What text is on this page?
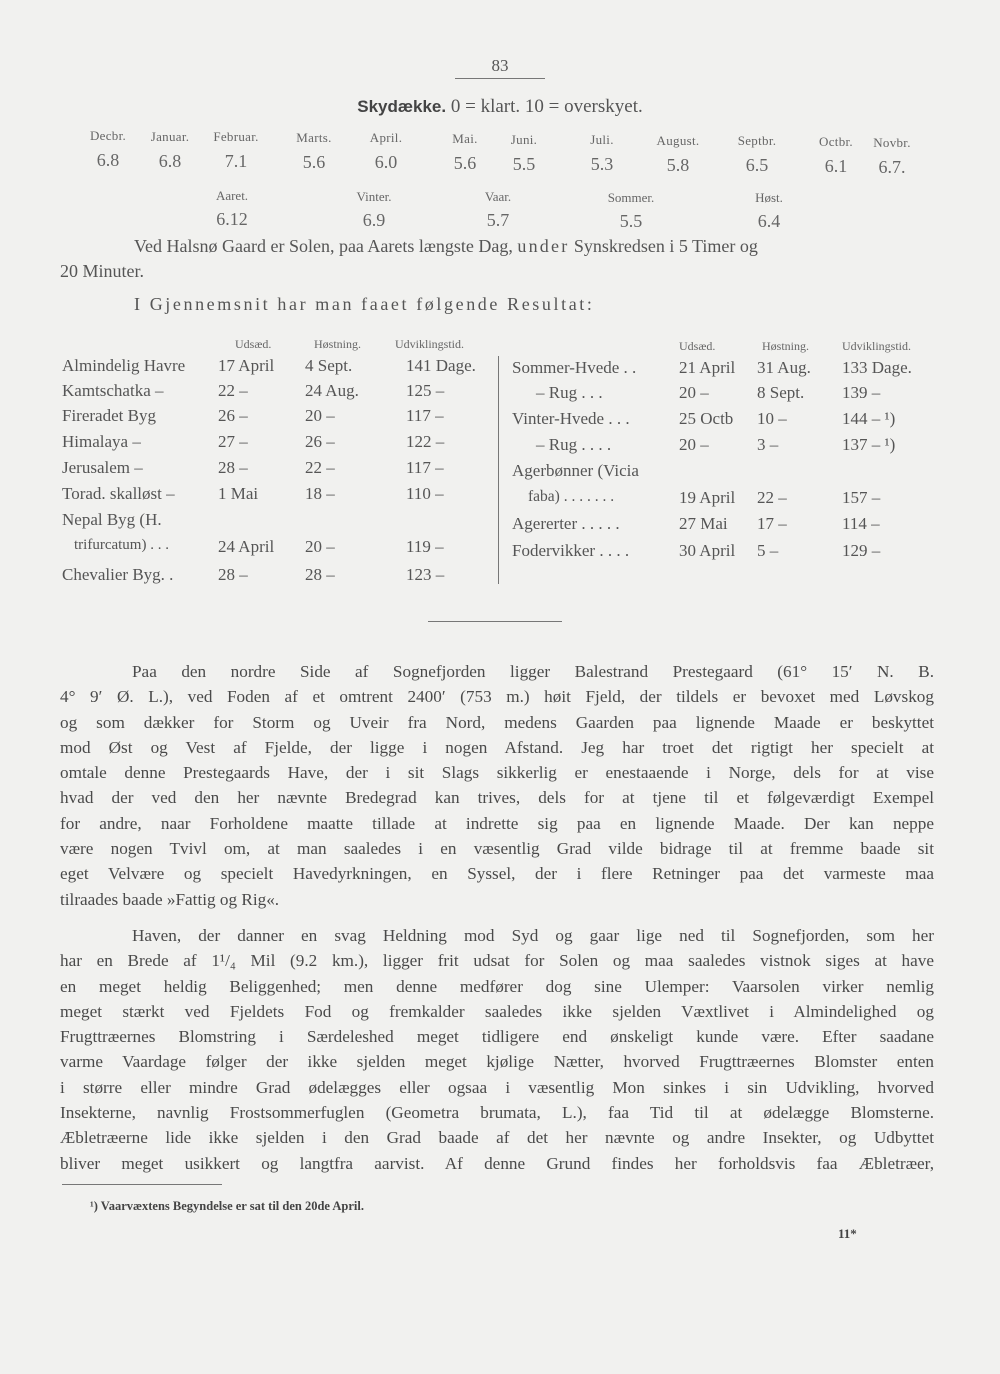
83
Skydække. 0 = klart. 10 = overskyet.
Decbr.
6.8
Januar.
6.8
Februar.
7.1
Marts.
5.6
April.
6.0
Mai.
5.6
Juni.
5.5
Juli.
5.3
August.
5.8
Septbr.
6.5
Octbr.
6.1
Novbr.
6.7.
Aaret.
6.12
Vinter.
6.9
Vaar.
5.7
Sommer.
5.5
Høst.
6.4
Ved Halsnø Gaard er Solen, paa Aarets længste Dag, under Synskredsen i 5 Timer og
20 Minuter.
I Gjennemsnit har man faaet følgende Resultat:
Udsæd.	Høstning.	Udviklingstid.	Udsæd.	Høstning.	Udviklingstid.
Almindelig Havre 17 April 4 Sept.	141 Dage.
Kamtschatka –	22 –	24 Aug.	125 –
Fireradet Byg	26 –	20 –	117 –
Himalaya –	27 –	26 –	122 –
Jerusalem –	28 –	22 –	117 –
Torad. skalløst –	1 Mai	18 –	110 –
Nepal Byg (H.
trifurcatum) . . .	24 April 20 –	119 –
Chevalier Byg. .	28 –	28 –	123 –
Sommer-Hvede . .	21 April 31 Aug. 133 Dage.
– Rug . . .	20 –	8 Sept. 139 –
Vinter-Hvede . . .	25 Octb 10 –	144 – ¹)
– Rug . . . .	20 –	3 –	137 – ¹)
Agerbønner (Vicia
faba) . . . . . . .	19 April 22 –	157 –
Agererter . . . . .	27 Mai 17 –	114 –
Fodervikker . . . .	30 April 5 –	129 –

Paa den nordre Side af Sognefjorden ligger Balestrand Prestegaard (61° 15′ N. B.

4° 9′ Ø. L.), ved Foden af et omtrent 2400′ (753 m.) høit Fjeld, der tildels er bevoxet med Løvskog

og som dækker for Storm og Uveir fra Nord, medens Gaarden paa lignende Maade er beskyttet

mod Øst og Vest af Fjelde, der ligge i nogen Afstand. Jeg har troet det rigtigt her specielt at

omtale denne Prestegaards Have, der i sit Slags sikkerlig er enestaaende i Norge, dels for at vise

hvad der ved den her nævnte Bredegrad kan trives, dels for at tjene til et følgeværdigt Exempel

for andre, naar Forholdene maatte tillade at indrette sig paa en lignende Maade. Der kan neppe

være nogen Tvivl om, at man saaledes i en væsentlig Grad vilde bidrage til at fremme baade sit

eget Velvære og specielt Havedyrkningen, en Syssel, der i flere Retninger paa det varmeste maa

tilraades baade »Fattig og Rig«.

Haven, der danner en svag Heldning mod Syd og gaar lige ned til Sognefjorden, som her

har en Brede af 1¹/₄ Mil (9.2 km.), ligger frit udsat for Solen og maa saaledes vistnok siges at have

en meget heldig Beliggenhed; men denne medfører dog sine Ulemper: Vaarsolen virker nemlig

meget stærkt ved Fjeldets Fod og fremkalder saaledes ikke sjelden Væxtlivet i Almindelighed og

Frugttræernes Blomstring i Særdeleshed meget tidligere end ønskeligt kunde være. Efter saadane

varme Vaardage følger der ikke sjelden meget kjølige Nætter, hvorved Frugttræernes Blomster enten

i større eller mindre Grad ødelægges eller ogsaa i væsentlig Mon sinkes i sin Udvikling, hvorved

Insekterne, navnlig Frostsommerfuglen (Geometra brumata, L.), faa Tid til at ødelægge Blomsterne.

Æbletræerne lide ikke sjelden i den Grad baade af det her nævnte og andre Insekter, og Udbyttet

bliver meget usikkert og langtfra aarvist. Af denne Grund findes her forholdsvis faa Æbletræer,

¹) Vaarvæxtens Begyndelse er sat til den 20de April.
11*
